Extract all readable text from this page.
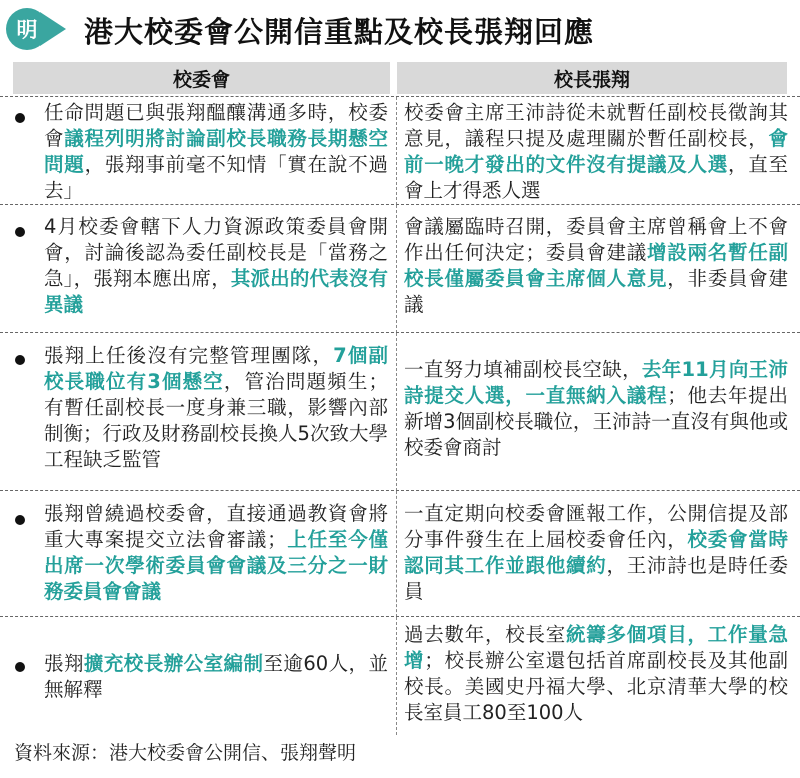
明	港大校委會公開信重點及校長張翔回應
校委會	校長張翔
任命問題已與張翔醞釀溝通多時，校委會議程列明將討論副校長職務長期懸空問題，張翔事前毫不知情「實在說不過去」
校委會主席王沛詩從未就暫任副校長徵詢其意見，議程只提及處理關於暫任副校長，會前一晚才發出的文件沒有提議及人選，直至會上才得悉人選
4月校委會轄下人力資源政策委員會開會，討論後認為委任副校長是「當務之急」，張翔本應出席，其派出的代表沒有異議
會議屬臨時召開，委員會主席曾稱會上不會作出任何決定；委員會建議增設兩名暫任副校長僅屬委員會主席個人意見，非委員會建議
張翔上任後沒有完整管理團隊，7個副校長職位有3個懸空，管治問題頻生；有暫任副校長一度身兼三職，影響內部制衡；行政及財務副校長換人5次致大學工程缺乏監管
一直努力填補副校長空缺，去年11月向王沛詩提交人選，一直無納入議程；他去年提出新增3個副校長職位，王沛詩一直沒有與他或校委會商討
張翔曾繞過校委會，直接通過教資會將重大專案提交立法會審議；上任至今僅出席一次學術委員會會議及三分之一財務委員會會議
一直定期向校委會匯報工作，公開信提及部分事件發生在上屆校委會任內，校委會當時認同其工作並跟他續約，王沛詩也是時任委員
張翔擴充校長辦公室編制至逾60人，並無解釋
過去數年，校長室統籌多個項目，工作量急增；校長辦公室還包括首席副校長及其他副校長。美國史丹福大學、北京清華大學的校長室員工80至100人
資料來源：港大校委會公開信、張翔聲明
